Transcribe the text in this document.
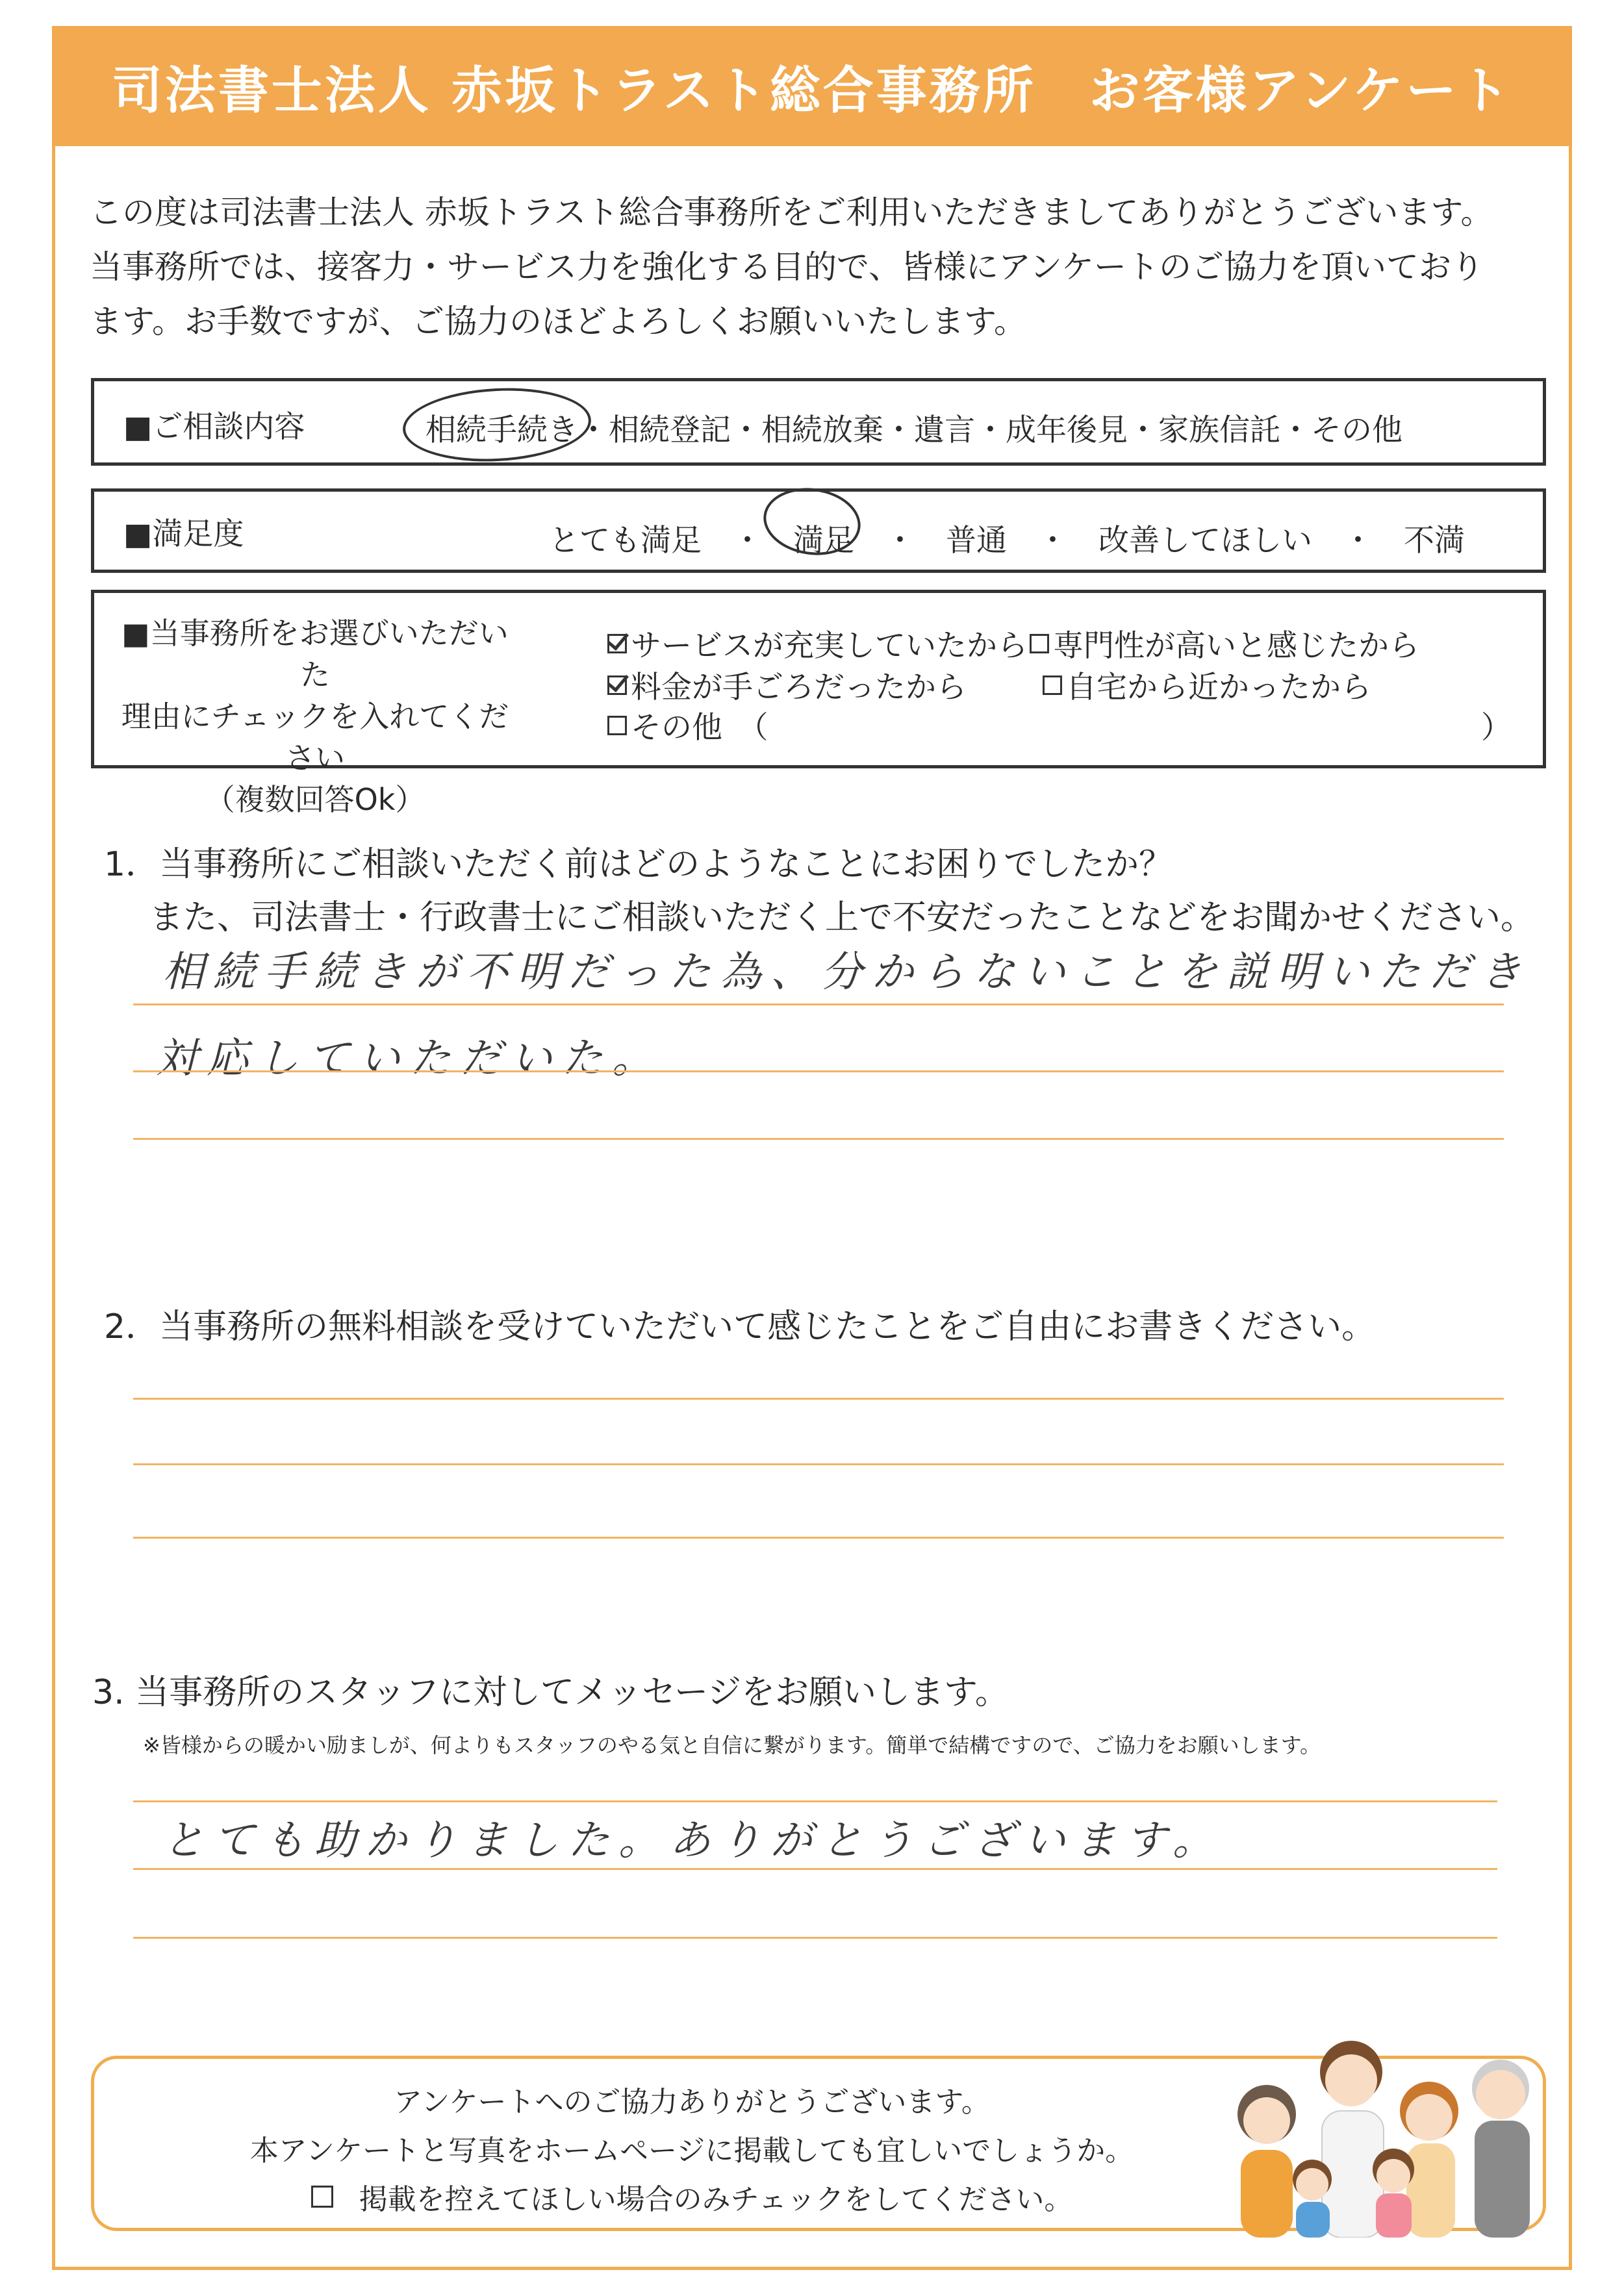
司法書士法人 赤坂トラスト総合事務所　お客様アンケート
この度は司法書士法人 赤坂トラスト総合事務所をご利用いただきましてありがとうございます。
当事務所では、接客力・サービス力を強化する目的で、皆様にアンケートのご協力を頂いており
ます。お手数ですが、ご協力のほどよろしくお願いいたします。
■ご相談内容	相続手続き・相続登記・相続放棄・遺言・成年後見・家族信託・その他
■満足度	とても満足　・　満足　・　普通　・　改善してほしい　・　不満
■当事務所をお選びいただいた
理由にチェックを入れてください
（複数回答Ok）
サービスが充実していたから 専門性が高いと感じたから
料金が手ごろだったから	自宅から近かったから
その他　（	）
1．当事務所にご相談いただく前はどのようなことにお困りでしたか？
また、司法書士・行政書士にご相談いただく上で不安だったことなどをお聞かせください。
相続手続きが不明だった為、分からないことを説明いただき
対応していただいた。
2．当事務所の無料相談を受けていただいて感じたことをご自由にお書きください。
3. 当事務所のスタッフに対してメッセージをお願いします。
※皆様からの暖かい励ましが、何よりもスタッフのやる気と自信に繋がります。簡単で結構ですので、ご協力をお願いします。
とても助かりました。ありがとうございます。
アンケートへのご協力ありがとうございます。
本アンケートと写真をホームページに掲載しても宜しいでしょうか。
掲載を控えてほしい場合のみチェックをしてください。
